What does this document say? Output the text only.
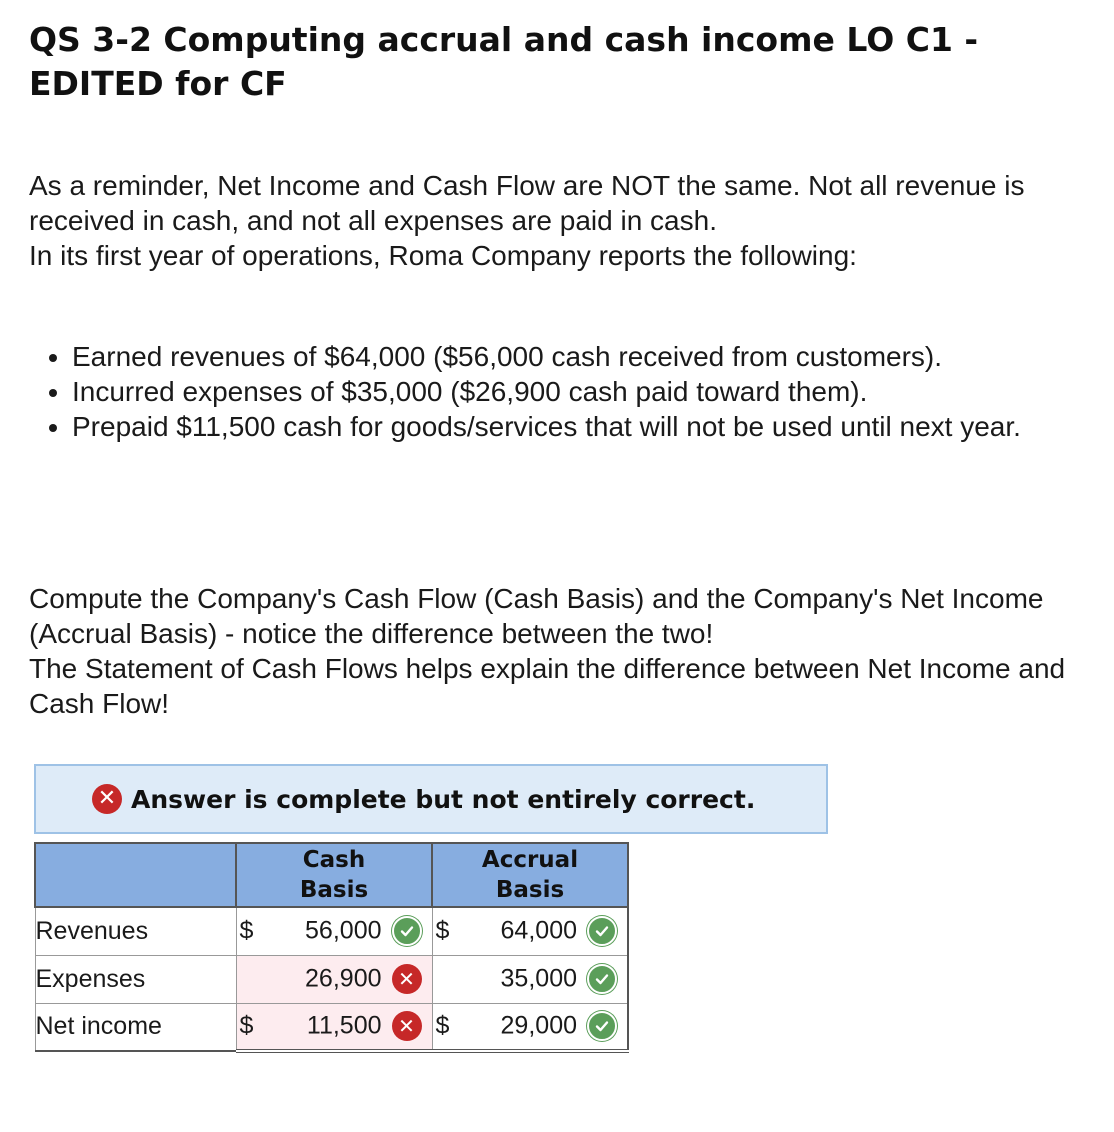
QS 3-2 Computing accrual and cash income LO C1 - EDITED for CF

As a reminder, Net Income and Cash Flow are NOT the same. Not all revenue is received in cash, and not all expenses are paid in cash.

In its first year of operations, Roma Company reports the following:

• Earned revenues of $64,000 ($56,000 cash received from customers).
• Incurred expenses of $35,000 ($26,900 cash paid toward them).
• Prepaid $11,500 cash for goods/services that will not be used until next year.

Compute the Company's Cash Flow (Cash Basis) and the Company's Net Income (Accrual Basis) - notice the difference between the two!

The Statement of Cash Flows helps explain the difference between Net Income and Cash Flow!

✕ Answer is complete but not entirely correct.

	Cash Basis	Accrual Basis

Revenues	$ 56,000	$ 64,000

Expenses	26,900 ✕	35,000

Net income	$ 11,500 ✕	$ 29,000
